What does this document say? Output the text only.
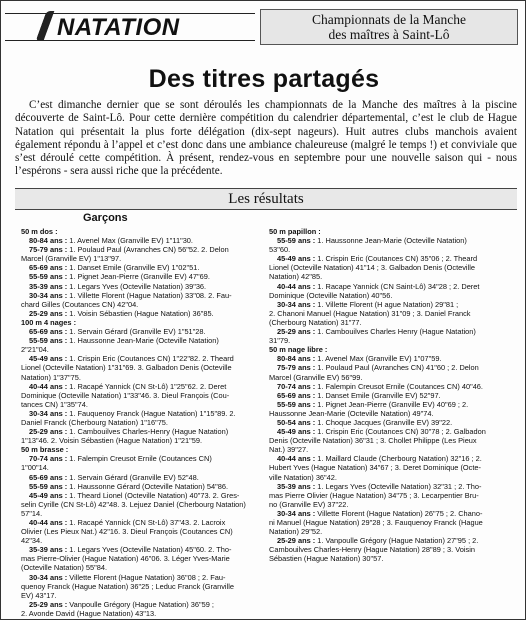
NATATION	Championnats de la Manche
des maîtres à Saint-Lô
Des titres partagés
C’est dimanche dernier que se sont déroulés les championnats de la Manche des maîtres à la piscine découverte de Saint-Lô. Pour cette dernière compétition du calendrier départemental, c’est le club de Hague Natation qui présentait la plus forte délégation (dix-sept nageurs). Huit autres clubs manchois avaient également répondu à l’appel et c’est donc dans une ambiance chaleureuse (malgré le temps !) et conviviale que s’est déroulé cette compétition. À présent, rendez-vous en septembre pour une nouvelle saison qui - nous l’espérons - sera aussi riche que la précédente.
Les résultats
Garçons
50 m dos :
80-84 ans : 1. Avenel Max (Granville EV) 1"11"30.
75-79 ans : 1. Poulaud Paul (Avranches CN) 56"52. 2. Delon
Marcel (Granville EV) 1"13"97.
65-69 ans : 1. Danset Emile (Granville EV) 1"02"51.
55-59 ans : 1. Pignet Jean-Pierre (Granville EV) 47"69.
35-39 ans : 1. Legars Yves (Octeville Natation) 39"36.
30-34 ans : 1. Villette Florent (Hague Natation) 33"08. 2. Fau-
chard Gilles (Coutances CN) 42"04.
25-29 ans : 1. Voisin Sébastien (Hague Natation) 36"85.
100 m 4 nages :
65-69 ans : 1. Servain Gérard (Granville EV) 1"51"28.
55-59 ans : 1. Haussonne Jean-Marie (Octeville Natation)
2"21"04.
45-49 ans : 1. Crispin Eric (Coutances CN) 1"22"82. 2. Theard
Lionel (Octeville Natation) 1"31"69. 3. Galbadon Denis (Octeville
Natation) 1"37"75.
40-44 ans : 1. Racapé Yannick (CN St-Lô) 1"25"62. 2. Deret
Dominique (Octeville Natation) 1"33"46. 3. Dieul François (Cou-
tances CN) 1"35"74.
30-34 ans : 1. Fauquenoy Franck (Hague Natation) 1"15"89. 2.
Daniel Franck (Cherbourg Natation) 1"16"75.
25-29 ans : 1. Cambouilves Charles-Henry (Hague Natation)
1"13"46. 2. Voisin Sébastien (Hague Natation) 1"21"59.
50 m brasse :
70-74 ans : 1. Falempin Creusot Ernile (Coutances CN)
1"00"14.
65-69 ans : 1. Servain Gérard (Granville EV) 52"48.
55-59 ans : 1. Haussonne Gérard (Octeville Natation) 54"86.
45-49 ans : 1. Theard Lionel (Octeville Natation) 40"73. 2. Gres-
selin Cyrille (CN St-Lô) 42"48. 3. Lejuez Daniel (Cherbourg Natation)
57"14.
40-44 ans : 1. Racapé Yannick (CN St-Lô) 37"43. 2. Lacroix
Olivier (Les Pieux Nat.) 42"16. 3. Dieul François (Coutances CN)
42"34.
35-39 ans : 1. Legars Yves (Octeville Natation) 45"60. 2. Tho-
mas Pierre-Olivier (Hague Natation) 46"06. 3. Léger Yves-Marie
(Octeville Natation) 55"84.
30-34 ans : Villette Florent (Hague Natation) 36"08 ; 2. Fau-
quenoy Franck (Hague Natation) 36"25 ; Leduc Franck (Granville
EV) 43"17.
25-29 ans : Vanpoulle Grégory (Hague Natation) 36"59 ;
2. Avonde David (Hague Natation) 43"13.
50 m papillon :
55-59 ans : 1. Haussonne Jean-Marie (Octeville Natation)
53"60.
45-49 ans : 1. Crispin Eric (Coutances CN) 35"06 ; 2. Theard
Lionel (Octeville Natation) 41"14 ; 3. Galbadon Denis (Octeville
Natation) 42"85.
40-44 ans : 1. Racape Yannick (CN Saint-Lô) 34"28 ; 2. Deret
Dominique (Octeville Natation) 40"56.
30-34 ans : 1. Villette Florent (H ague Natation) 29"81 ;
2. Chanoni Manuel (Hague Natation) 31"09 ; 3. Daniel Franck
(Cherbourg Natation) 31"77.
25-29 ans : 1. Cambouilves Charles Henry (Hague Natation)
31"79.
50 m nage libre :
80-84 ans : 1. Avenel Max (Granville EV) 1"07"59.
75-79 ans : 1. Poulaud Paul (Avranches CN) 41"60 ; 2. Delon
Marcel (Granville EV) 56"99.
70-74 ans : 1. Falempin Creusot Ernile (Coutances CN) 40"46.
65-69 ans : 1. Danset Emile (Granville EV) 52"97.
55-59 ans : 1. Pignet Jean-Pierre (Granville EV) 40"69 ; 2.
Haussonne Jean-Marie (Octeville Natation) 49"74.
50-54 ans : 1. Choque Jacques (Granville EV) 39"22.
45-49 ans : 1. Crispin Eric (Coutances CN) 30"78 ; 2. Galbadon
Denis (Octeville Natation) 36"31 ; 3. Chollet Philippe (Les Pieux
Nat.) 39"27.
40-44 ans : 1. Maillard Claude (Cherbourg Natation) 32"16 ; 2.
Hubert Yves (Hague Natation) 34"67 ; 3. Deret Dominique (Octe-
ville Natation) 36"42.
35-39 ans : 1. Legars Yves (Octeville Natation) 32"31 ; 2. Tho-
mas Pierre Olivier (Hague Natation) 34"75 ; 3. Lecarpentier Bru-
no (Granville EV) 37"22.
30-34 ans : Villette Florent (Hague Natation) 26"75 ; 2. Chano-
ni Manuel (Hague Natation) 29"28 ; 3. Fauquenoy Franck (Hague
Natation) 29"52.
25-29 ans : 1. Vanpoulle Grégory (Hague Natation) 27"95 ; 2.
Cambouilves Charles-Henry (Hague Natation) 28"89 ; 3. Voisin
Sébastien (Hague Natation) 30"57.
